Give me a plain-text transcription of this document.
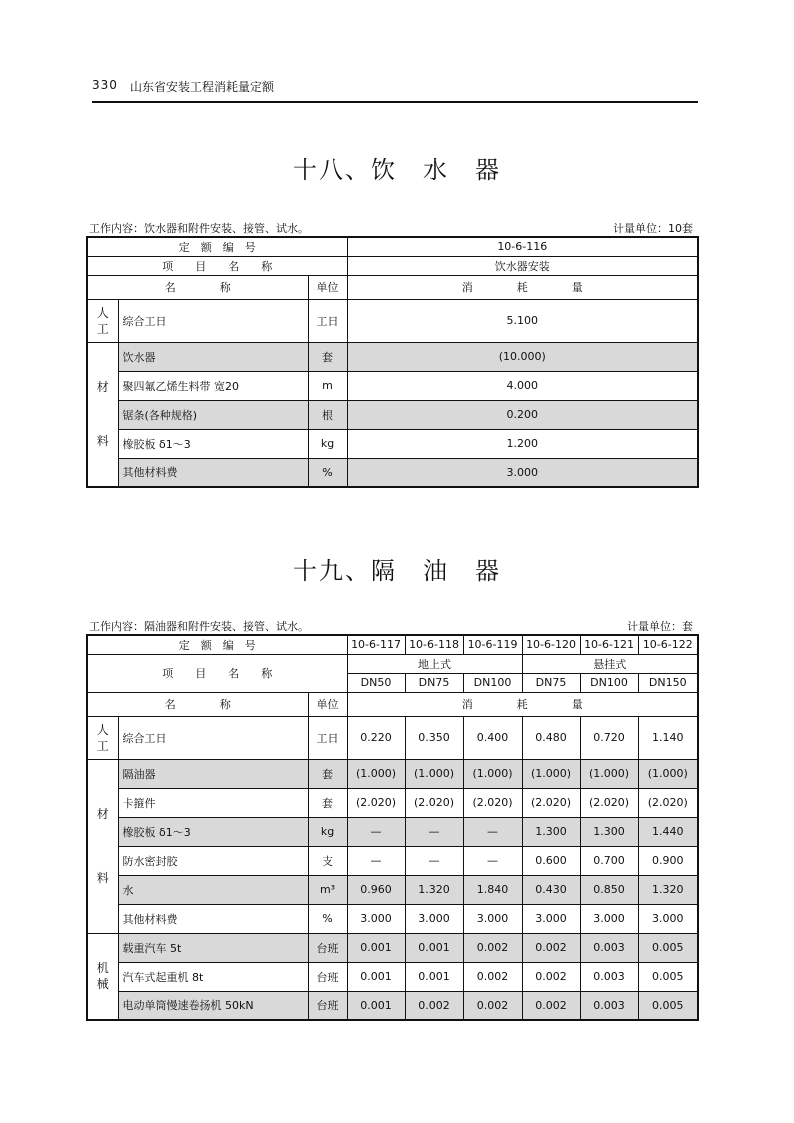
330 山东省安装工程消耗量定额
十八、饮　水　器
工作内容：饮水器和附件安装、接管、试水。	计量单位：10套
定　额　编　号			10-6-116
项　　目　　名　　称			饮水器安装
名　　　　称		单位	消　　　　耗　　　　量
人工	综合工日	工日	5.100
材料	饮水器	套	(10.000)
	聚四氟乙烯生料带 宽20	m	4.000
	锯条(各种规格)	根	0.200
	橡胶板 δ1～3	kg	1.200
	其他材料费	%	3.000
十九、隔　油　器
工作内容：隔油器和附件安装、接管、试水。	计量单位：套
定　额　编　号			10-6-117	10-6-118	10-6-119	10-6-120	10-6-121	10-6-122
项　　目　　名　　称			地上式			悬挂式		
			DN50	DN75	DN100	DN75	DN100	DN150
名　　　　称		单位	消　　　　耗　　　　量					
人工	综合工日	工日	0.220	0.350	0.400	0.480	0.720	1.140
材料	隔油器	套	(1.000)	(1.000)	(1.000)	(1.000)	(1.000)	(1.000)
	卡箍件	套	(2.020)	(2.020)	(2.020)	(2.020)	(2.020)	(2.020)
	橡胶板 δ1～3	kg	—	—	—	1.300	1.300	1.440
	防水密封胶	支	—	—	—	0.600	0.700	0.900
	水	m³	0.960	1.320	1.840	0.430	0.850	1.320
	其他材料费	%	3.000	3.000	3.000	3.000	3.000	3.000
机械	载重汽车 5t	台班	0.001	0.001	0.002	0.002	0.003	0.005
	汽车式起重机 8t	台班	0.001	0.001	0.002	0.002	0.003	0.005
	电动单筒慢速卷扬机 50kN	台班	0.001	0.002	0.002	0.002	0.003	0.005
